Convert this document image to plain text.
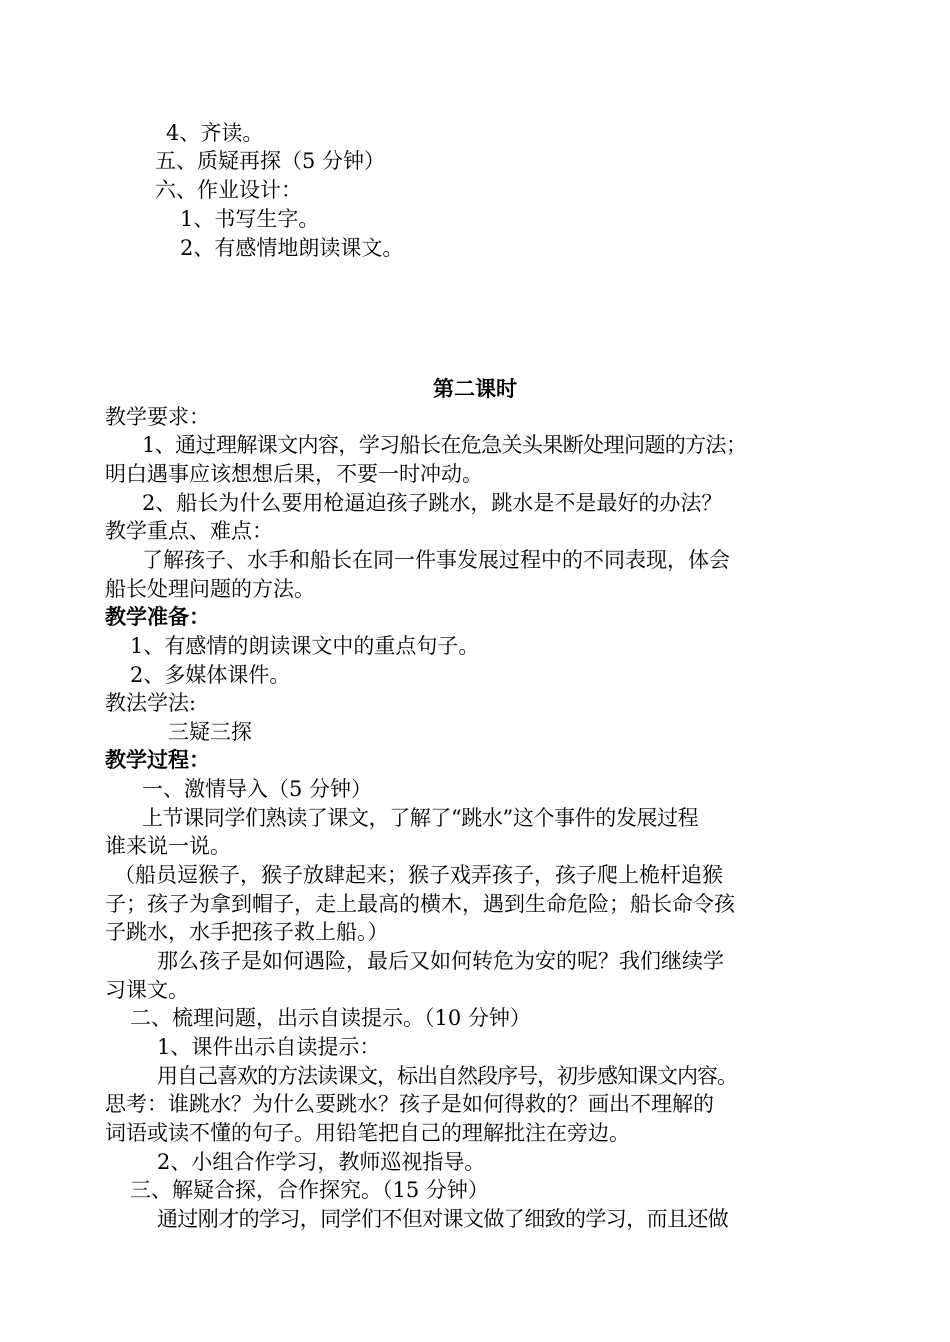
4、齐读。
五、质疑再探（5 分钟）
六、作业设计：
1、书写生字。
2、有感情地朗读课文。
第二课时
教学要求：
1、通过理解课文内容，学习船长在危急关头果断处理问题的方法；
明白遇事应该想想后果，不要一时冲动。
2、船长为什么要用枪逼迫孩子跳水，跳水是不是最好的办法？
教学重点、难点：
了解孩子、水手和船长在同一件事发展过程中的不同表现，体会
船长处理问题的方法。
教学准备：
1、有感情的朗读课文中的重点句子。
2、多媒体课件。
教法学法:
三疑三探
教学过程：
一、激情导入（5 分钟）
上节课同学们熟读了课文，了解了“跳水”这个事件的发展过程
谁来说一说。
（船员逗猴子，猴子放肆起来；猴子戏弄孩子，孩子爬上桅杆追猴
子；孩子为拿到帽子，走上最高的横木，遇到生命危险；船长命令孩
子跳水，水手把孩子救上船。）
那么孩子是如何遇险，最后又如何转危为安的呢？我们继续学
习课文。
二、梳理问题，出示自读提示。（10 分钟）
1、课件出示自读提示：
用自己喜欢的方法读课文，标出自然段序号，初步感知课文内容。
思考：谁跳水？为什么要跳水？孩子是如何得救的？画出不理解的
词语或读不懂的句子。用铅笔把自己的理解批注在旁边。
2、小组合作学习，教师巡视指导。
三、解疑合探，合作探究。（15 分钟）
通过刚才的学习，同学们不但对课文做了细致的学习，而且还做
